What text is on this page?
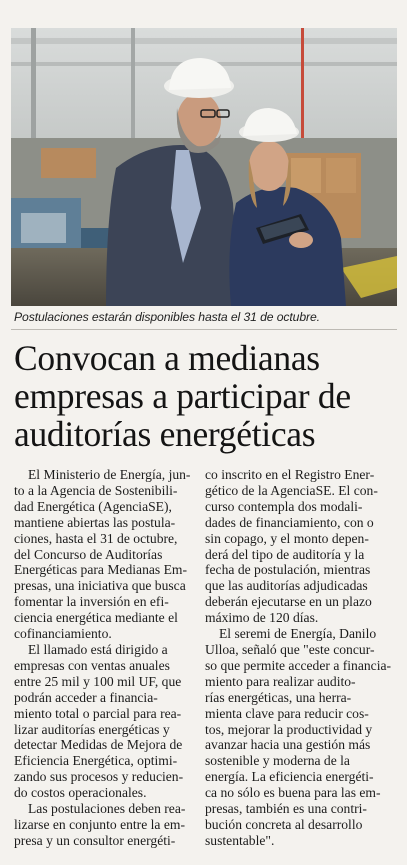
Postulaciones estarán disponibles hasta el 31 de octubre.
Convocan a medianas
empresas a participar de
auditorías energéticas

El Ministerio de Energía, jun-
to a la Agencia de Sostenibili-
dad Energética (AgenciaSE),
mantiene abiertas las postula-
ciones, hasta el 31 de octubre,
del Concurso de Auditorías
Energéticas para Medianas Em-
presas, una iniciativa que busca
fomentar la inversión en efi-
ciencia energética mediante el
cofinanciamiento.

El llamado está dirigido a
empresas con ventas anuales
entre 25 mil y 100 mil UF, que
podrán acceder a financia-
miento total o parcial para rea-
lizar auditorías energéticas y
detectar Medidas de Mejora de
Eficiencia Energética, optimi-
zando sus procesos y reducien-
do costos operacionales.

Las postulaciones deben rea-
lizarse en conjunto entre la em-
presa y un consultor energéti-

co inscrito en el Registro Ener-
gético de la AgenciaSE. El con-
curso contempla dos modali-
dades de financiamiento, con o
sin copago, y el monto depen-
derá del tipo de auditoría y la
fecha de postulación, mientras
que las auditorías adjudicadas
deberán ejecutarse en un plazo
máximo de 120 días.

El seremi de Energía, Danilo
Ulloa, señaló que "este concur-
so que permite acceder a financia-
miento para realizar audito-
rías energéticas, una herra-
mienta clave para reducir cos-
tos, mejorar la productividad y
avanzar hacia una gestión más
sostenible y moderna de la
energía. La eficiencia energéti-
ca no sólo es buena para las em-
presas, también es una contri-
bución concreta al desarrollo
sustentable".
